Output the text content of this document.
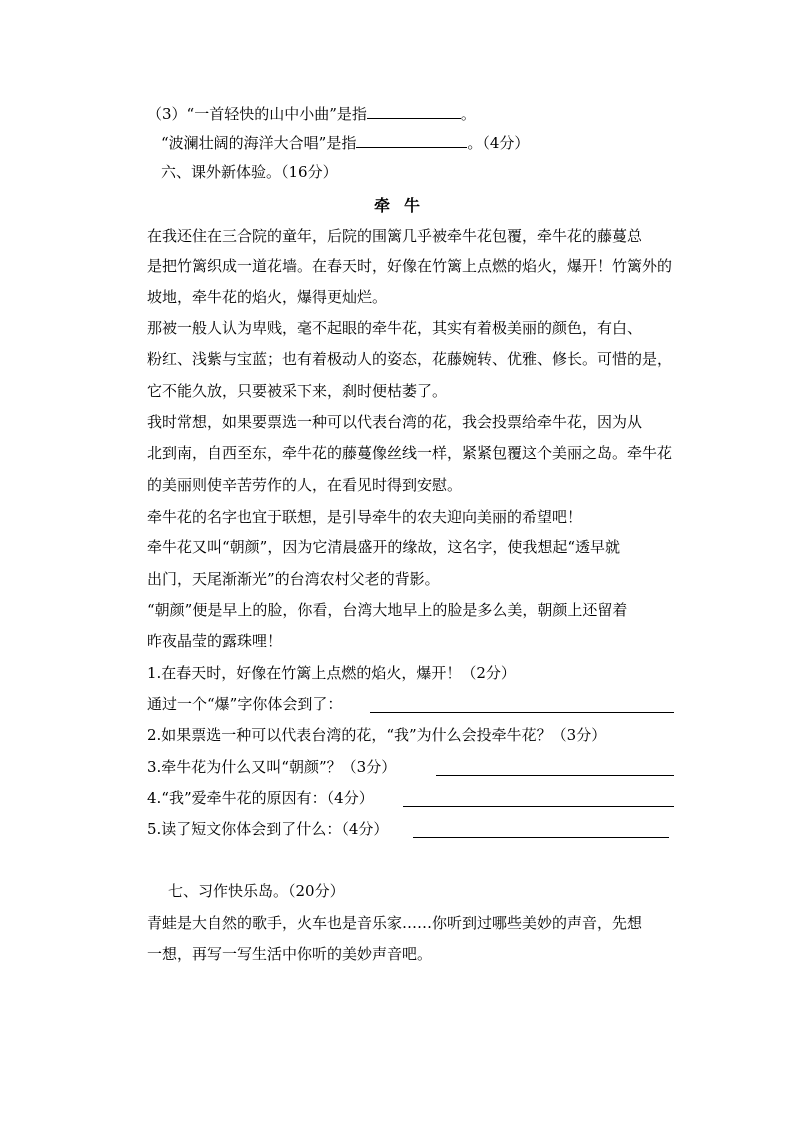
（3）“一首轻快的山中小曲”是指	。
“波澜壮阔的海洋大合唱”是指	。（4分）
六、课外新体验。（16分）
牵牛
在我还住在三合院的童年，后院的围篱几乎被牵牛花包覆，牵牛花的藤蔓总
是把竹篱织成一道花墙。在春天时，好像在竹篱上点燃的焰火，爆开！竹篱外的
坡地，牵牛花的焰火，爆得更灿烂。
那被一般人认为卑贱，毫不起眼的牵牛花，其实有着极美丽的颜色，有白、
粉红、浅紫与宝蓝；也有着极动人的姿态，花藤婉转、优雅、修长。可惜的是，
它不能久放，只要被采下来，刹时便枯萎了。
我时常想，如果要票选一种可以代表台湾的花，我会投票给牵牛花，因为从
北到南，自西至东，牵牛花的藤蔓像丝线一样，紧紧包覆这个美丽之岛。牵牛花
的美丽则使辛苦劳作的人，在看见时得到安慰。
牵牛花的名字也宜于联想，是引导牵牛的农夫迎向美丽的希望吧！
牵牛花又叫“朝颜”，因为它清晨盛开的缘故，这名字，使我想起“透早就
出门，天尾渐渐光”的台湾农村父老的背影。
“朝颜”便是早上的脸，你看，台湾大地早上的脸是多么美，朝颜上还留着
昨夜晶莹的露珠哩！
1.在春天时，好像在竹篱上点燃的焰火，爆开！（2分）
通过一个“爆”字你体会到了：
2.如果票选一种可以代表台湾的花，“我”为什么会投牵牛花？（3分）
3.牵牛花为什么又叫“朝颜”？（3分）
4.“我”爱牵牛花的原因有：（4分）
5.读了短文你体会到了什么：（4分）
七、习作快乐岛。（20分）
青蛙是大自然的歌手，火车也是音乐家……你听到过哪些美妙的声音，先想
一想，再写一写生活中你听的美妙声音吧。
